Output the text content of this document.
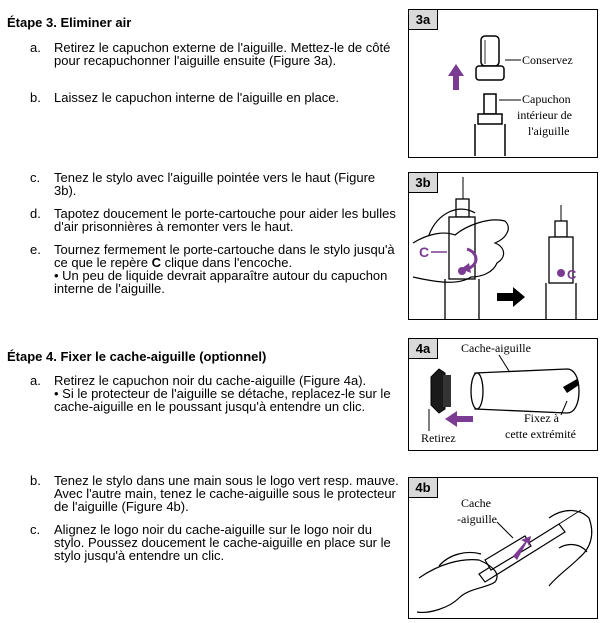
Étape 3. Eliminer air
a. Retirez le capuchon externe de l'aiguille. Mettez-le de côté pour recapuchonner l'aiguille ensuite (Figure 3a).
b. Laissez le capuchon interne de l'aiguille en place.
c. Tenez le stylo avec l'aiguille pointée vers le haut (Figure 3b).
d. Tapotez doucement le porte-cartouche pour aider les bulles d'air prisonnières à remonter vers le haut.
e. Tournez fermement le porte-cartouche dans le stylo jusqu'à ce que le repère C clique dans l'encoche.
• Un peu de liquide devrait apparaître autour du capuchon interne de l'aiguille.
Étape 4. Fixer le cache-aiguille (optionnel)
a. Retirez le capuchon noir du cache-aiguille (Figure 4a).
• Si le protecteur de l'aiguille se détache, replacez-le sur le cache-aiguille en le poussant jusqu'à entendre un clic.
b. Tenez le stylo dans une main sous le logo vert resp. mauve. Avec l'autre main, tenez le cache-aiguille sous le protecteur de l'aiguille (Figure 4b).
c. Alignez le logo noir du cache-aiguille sur le logo noir du stylo. Poussez doucement le cache-aiguille en place sur le stylo jusqu'à entendre un clic.
3a
Conservez
Capuchon
intérieur de
l'aiguille
3b
C
C
4a	Cache-aiguille
Retirez
Fixez à
cette extrémité
4b
Cache
-aiguille
